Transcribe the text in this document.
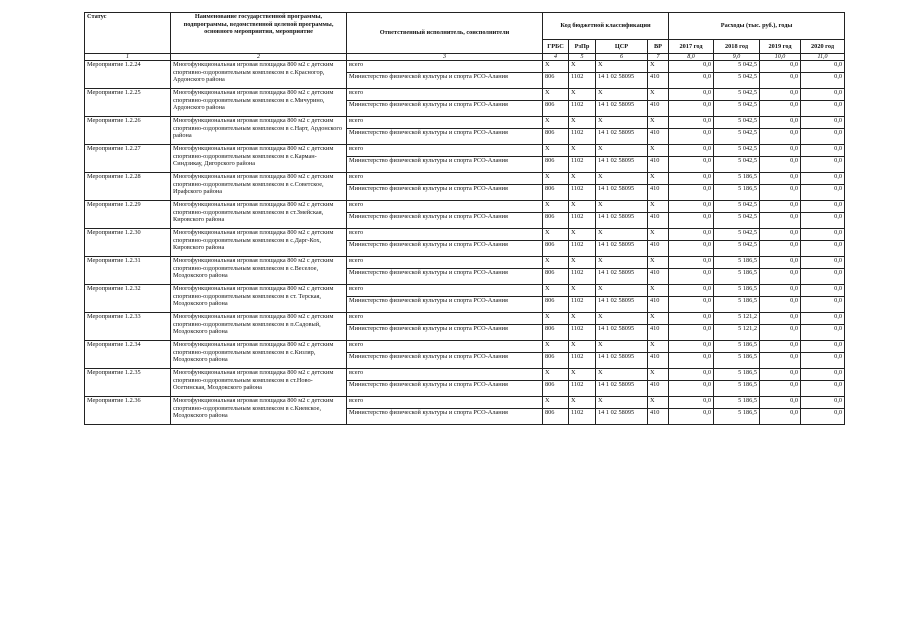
Статус	Наименование государственной программы, подпрограммы, ведомственной целевой программы, основного мероприятия, мероприятие	Ответственный исполнитель, соисполнители	Код бюджетной классификации				Расходы (тыс. руб.), годы			
			ГРБС	РзПр	ЦСР	ВР	2017 год	2018 год	2019 год	2020 год
1	2	3	4	5	6	7	8,0	9,0	10,0	11,0
Мероприятие 1.2.24	Многофункциональная игровая площадка 800 м2 с детским спортивно-оздоровительным комплексом в с.Красногор, Ардонского района	всего	X	X	X	X	0,0	5 042,5	0,0	0,0
		Министерство физической культуры и спорта РСО-Алания	806	1102	14 1 02 58095	410	0,0	5 042,5	0,0	0,0
Мероприятие 1.2.25	Многофункциональная игровая площадка 800 м2 с детским спортивно-оздоровительным комплексом в с.Мичурино, Ардонского района	всего	X	X	X	X	0,0	5 042,5	0,0	0,0
		Министерство физической культуры и спорта РСО-Алания	806	1102	14 1 02 58095	410	0,0	5 042,5	0,0	0,0
Мероприятие 1.2.26	Многофункциональная игровая площадка 800 м2 с детским спортивно-оздоровительным комплексом в с.Нарт, Ардонского района	всего	X	X	X	X	0,0	5 042,5	0,0	0,0
		Министерство физической культуры и спорта РСО-Алания	806	1102	14 1 02 58095	410	0,0	5 042,5	0,0	0,0
Мероприятие 1.2.27	Многофункциональная игровая площадка 800 м2 с детским спортивно-оздоровительным комплексом в с.Карман-Синдзикау, Дигорского района	всего	X	X	X	X	0,0	5 042,5	0,0	0,0
		Министерство физической культуры и спорта РСО-Алания	806	1102	14 1 02 58095	410	0,0	5 042,5	0,0	0,0
Мероприятие 1.2.28	Многофункциональная игровая площадка 800 м2 с детским спортивно-оздоровительным комплексом в с.Советское, Ирафского района	всего	X	X	X	X	0,0	5 186,5	0,0	0,0
		Министерство физической культуры и спорта РСО-Алания	806	1102	14 1 02 58095	410	0,0	5 186,5	0,0	0,0
Мероприятие 1.2.29	Многофункциональная игровая площадка 800 м2 с детским спортивно-оздоровительным комплексом в ст.Змейская, Кировского района	всего	X	X	X	X	0,0	5 042,5	0,0	0,0
		Министерство физической культуры и спорта РСО-Алания	806	1102	14 1 02 58095	410	0,0	5 042,5	0,0	0,0
Мероприятие 1.2.30	Многофункциональная игровая площадка 800 м2 с детским спортивно-оздоровительным комплексом в с.Дарг-Кох, Кировского района	всего	X	X	X	X	0,0	5 042,5	0,0	0,0
		Министерство физической культуры и спорта РСО-Алания	806	1102	14 1 02 58095	410	0,0	5 042,5	0,0	0,0
Мероприятие 1.2.31	Многофункциональная игровая площадка 800 м2 с детским спортивно-оздоровительным комплексом в с.Веселое, Моздокского района	всего	X	X	X	X	0,0	5 186,5	0,0	0,0
		Министерство физической культуры и спорта РСО-Алания	806	1102	14 1 02 58095	410	0,0	5 186,5	0,0	0,0
Мероприятие 1.2.32	Многофункциональная игровая площадка 800 м2 с детским спортивно-оздоровительным комплексом в ст. Терская, Моздокского района	всего	X	X	X	X	0,0	5 186,5	0,0	0,0
		Министерство физической культуры и спорта РСО-Алания	806	1102	14 1 02 58095	410	0,0	5 186,5	0,0	0,0
Мероприятие 1.2.33	Многофункциональная игровая площадка 800 м2 с детским спортивно-оздоровительным комплексом в п.Садовый, Моздокского района	всего	X	X	X	X	0,0	5 121,2	0,0	0,0
		Министерство физической культуры и спорта РСО-Алания	806	1102	14 1 02 58095	410	0,0	5 121,2	0,0	0,0
Мероприятие 1.2.34	Многофункциональная игровая площадка 800 м2 с детским спортивно-оздоровительным комплексом в с.Кизляр, Моздокского района	всего	X	X	X	X	0,0	5 186,5	0,0	0,0
		Министерство физической культуры и спорта РСО-Алания	806	1102	14 1 02 58095	410	0,0	5 186,5	0,0	0,0
Мероприятие 1.2.35	Многофункциональная игровая площадка 800 м2 с детским спортивно-оздоровительным комплексом в ст.Ново-Осетинская, Моздокского района	всего	X	X	X	X	0,0	5 186,5	0,0	0,0
		Министерство физической культуры и спорта РСО-Алания	806	1102	14 1 02 58095	410	0,0	5 186,5	0,0	0,0
Мероприятие 1.2.36	Многофункциональная игровая площадка 800 м2 с детским спортивно-оздоровительным комплексом в с.Киевское, Моздокского района	всего	X	X	X	X	0,0	5 186,5	0,0	0,0
		Министерство физической культуры и спорта РСО-Алания	806	1102	14 1 02 58095	410	0,0	5 186,5	0,0	0,0
